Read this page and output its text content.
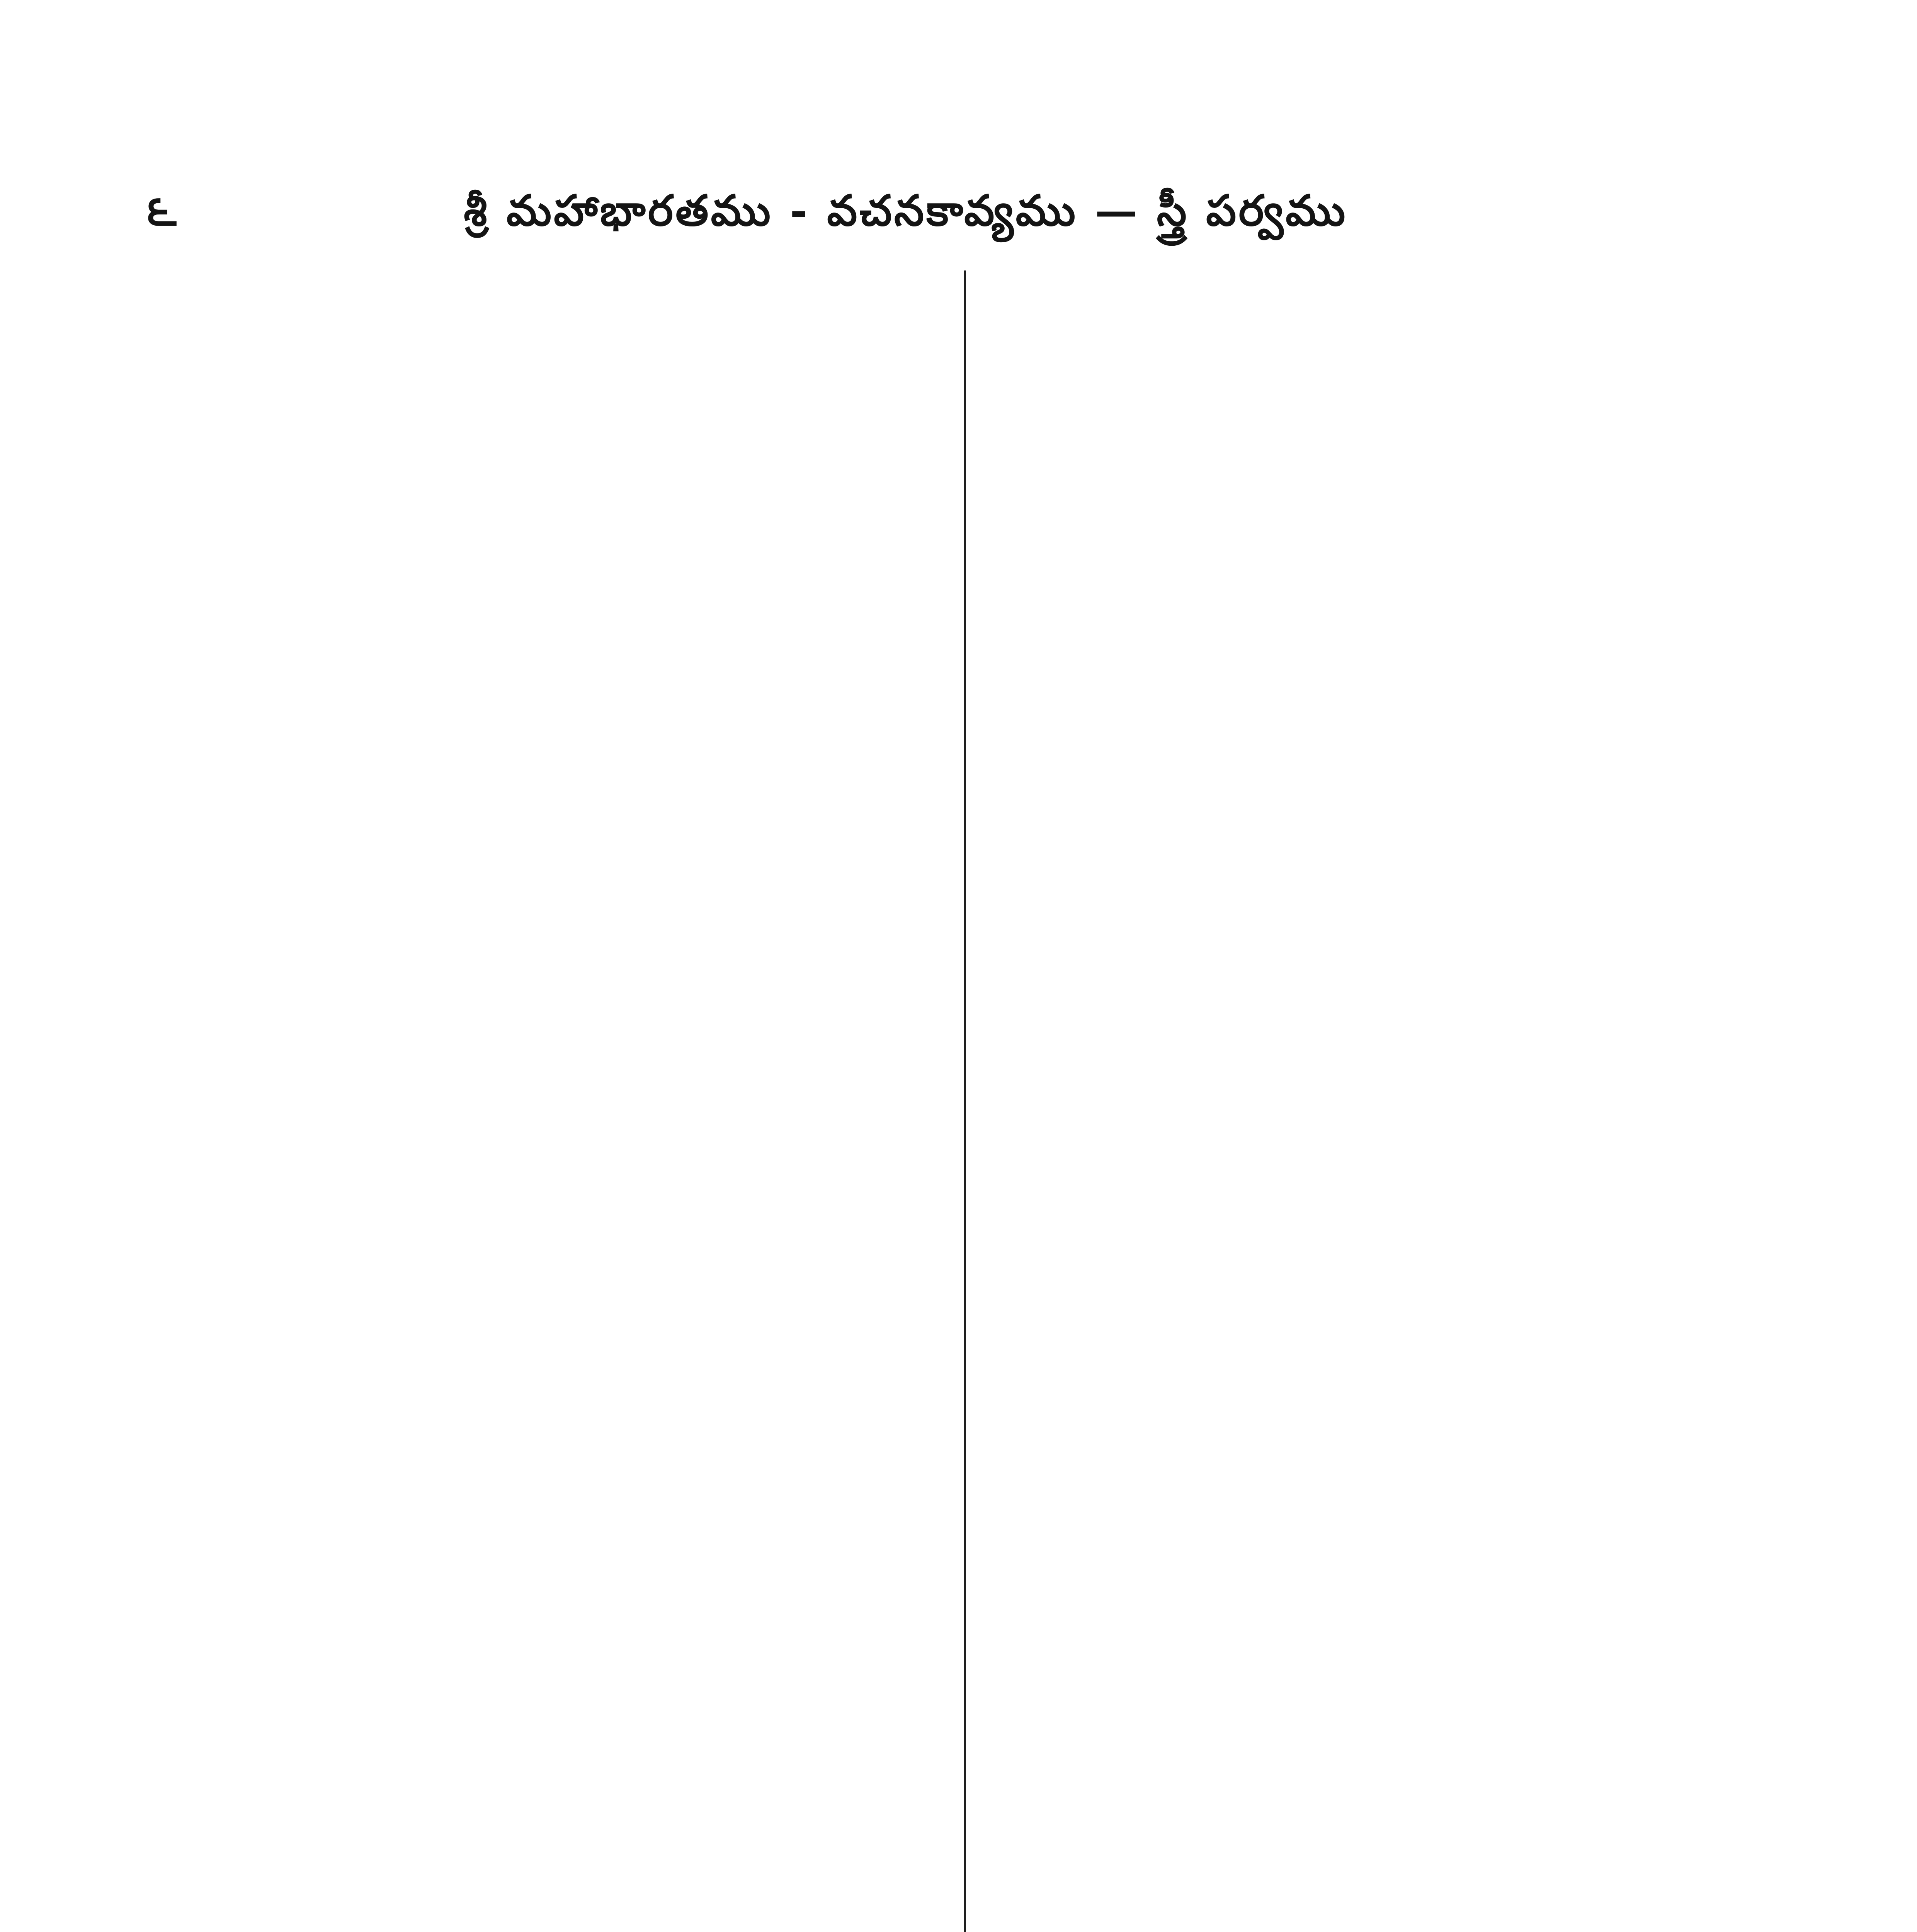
౬	శ్రీ మహాభారతము - వచనకావ్యము — స్త్రీ పర్వము
